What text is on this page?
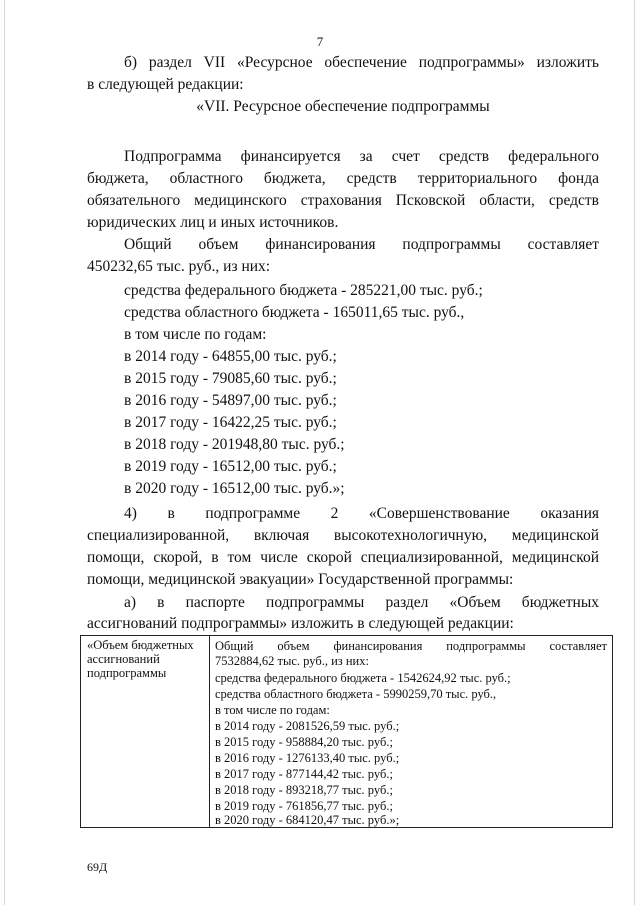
7
б) раздел VII «Ресурсное обеспечение подпрограммы» изложить
в следующей редакции:
«VII. Ресурсное обеспечение подпрограммы
Подпрограмма финансируется за счет средств федерального
бюджета, областного бюджета, средств территориального фонда
обязательного медицинского страхования Псковской области, средств
юридических лиц и иных источников.
Общий объем финансирования подпрограммы составляет
450232,65 тыс. руб., из них:
средства федерального бюджета - 285221,00 тыс. руб.;
средства областного бюджета - 165011,65 тыс. руб.,
в том числе по годам:
в 2014 году - 64855,00 тыс. руб.;
в 2015 году - 79085,60 тыс. руб.;
в 2016 году - 54897,00 тыс. руб.;
в 2017 году - 16422,25 тыс. руб.;
в 2018 году - 201948,80 тыс. руб.;
в 2019 году - 16512,00 тыс. руб.;
в 2020 году - 16512,00 тыс. руб.»;
4) в подпрограмме 2 «Совершенствование оказания
специализированной, включая высокотехнологичную, медицинской
помощи, скорой, в том числе скорой специализированной, медицинской
помощи, медицинской эвакуации» Государственной программы:
а) в паспорте подпрограммы раздел «Объем бюджетных
ассигнований подпрограммы» изложить в следующей редакции:
«Объем бюджетных
ассигнований
подпрограммы
Общий объем финансирования подпрограммы составляет
7532884,62 тыс. руб., из них:
средства федерального бюджета - 1542624,92 тыс. руб.;
средства областного бюджета - 5990259,70 тыс. руб.,
в том числе по годам:
в 2014 году - 2081526,59 тыс. руб.;
в 2015 году - 958884,20 тыс. руб.;
в 2016 году - 1276133,40 тыс. руб.;
в 2017 году - 877144,42 тыс. руб.;
в 2018 году - 893218,77 тыс. руб.;
в 2019 году - 761856,77 тыс. руб.;
в 2020 году - 684120,47 тыс. руб.»;
69Д
